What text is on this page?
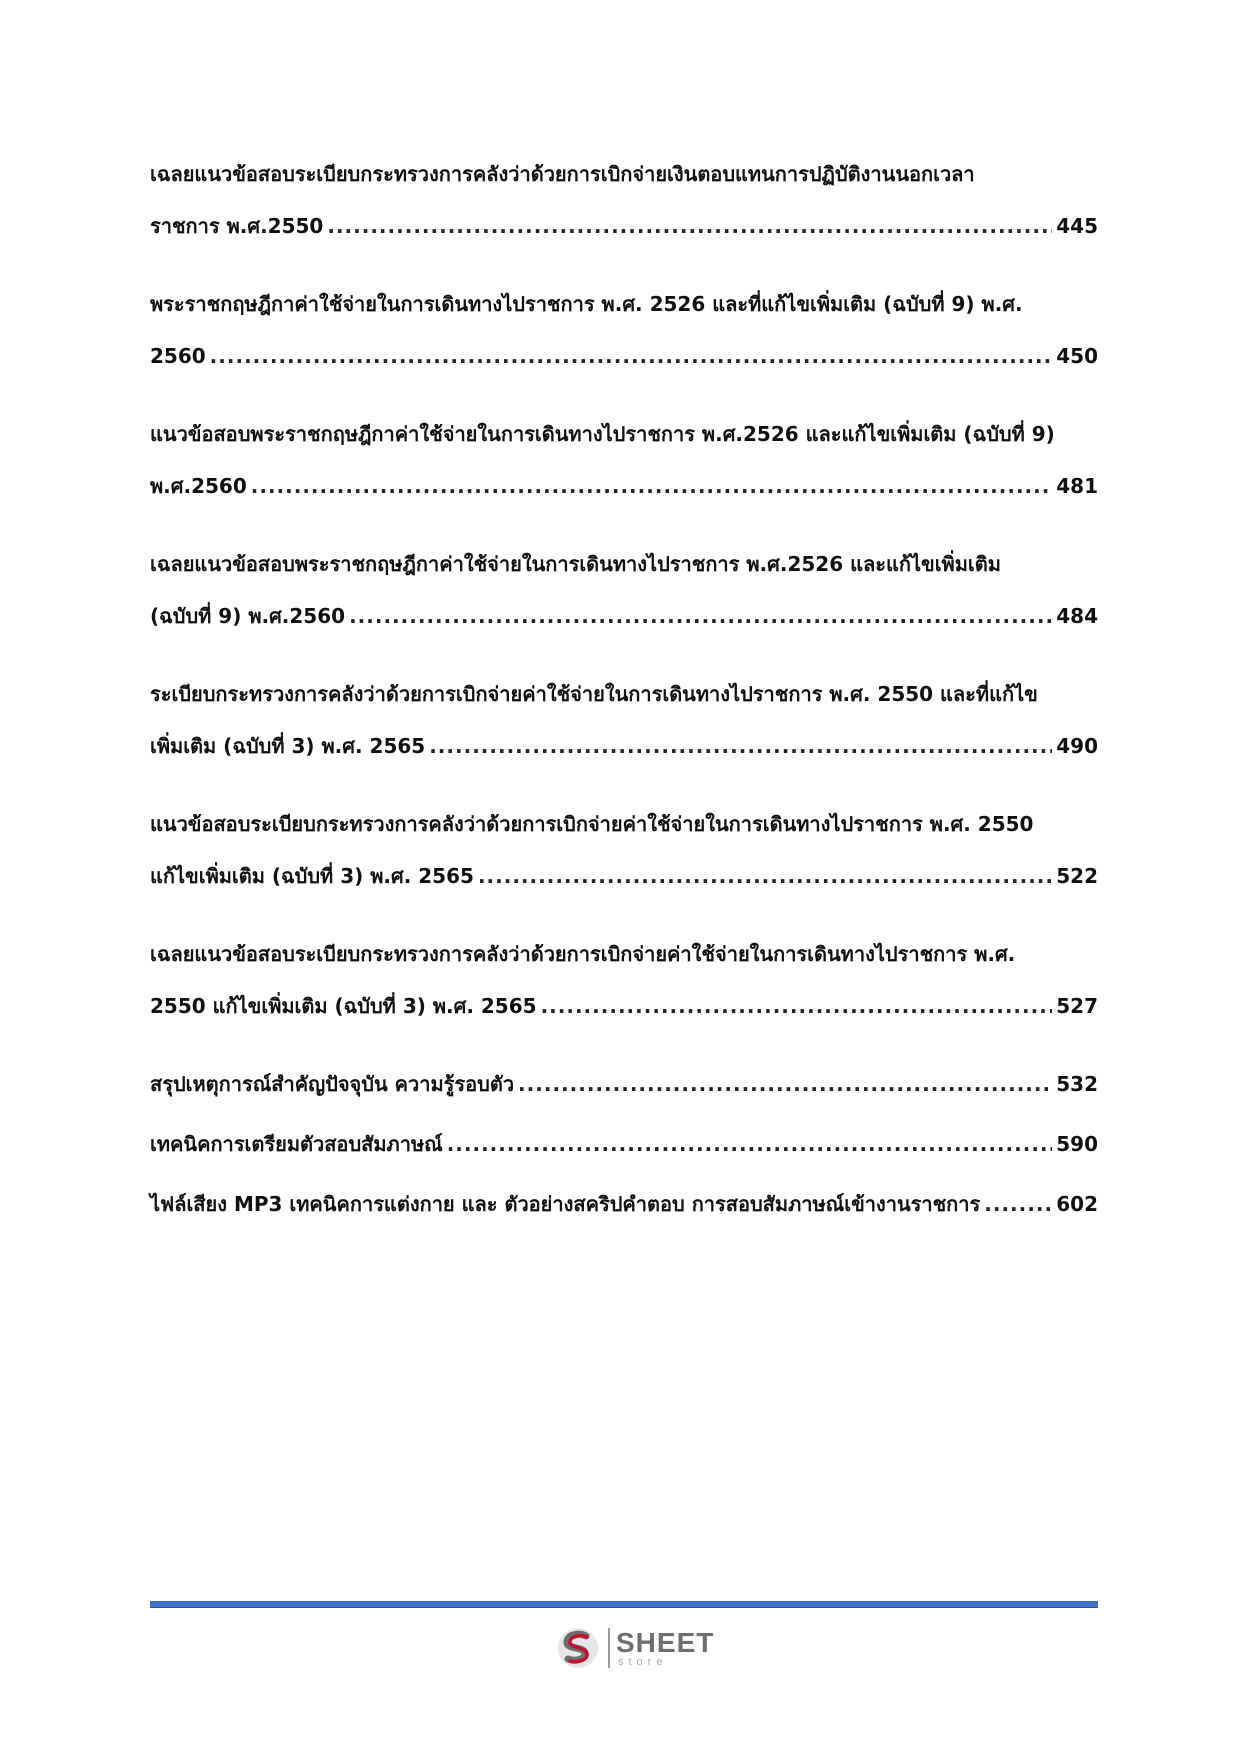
เฉลยแนวข้อสอบระเบียบกระทรวงการคลังว่าด้วยการเบิกจ่ายเงินตอบแทนการปฏิบัติงานนอกเวลา
ราชการ พ.ศ.2550 .....	445
พระราชกฤษฎีกาค่าใช้จ่ายในการเดินทางไปราชการ พ.ศ. 2526 และที่แก้ไขเพิ่มเติม (ฉบับที่ 9) พ.ศ.
2560 .....	450
แนวข้อสอบพระราชกฤษฎีกาค่าใช้จ่ายในการเดินทางไปราชการ พ.ศ.2526 และแก้ไขเพิ่มเติม (ฉบับที่ 9)
พ.ศ.2560 .....	481
เฉลยแนวข้อสอบพระราชกฤษฎีกาค่าใช้จ่ายในการเดินทางไปราชการ พ.ศ.2526 และแก้ไขเพิ่มเติม
(ฉบับที่ 9) พ.ศ.2560 .....	484
ระเบียบกระทรวงการคลังว่าด้วยการเบิกจ่ายค่าใช้จ่ายในการเดินทางไปราชการ พ.ศ. 2550 และที่แก้ไข
เพิ่มเติม (ฉบับที่ 3) พ.ศ. 2565 .....	490
แนวข้อสอบระเบียบกระทรวงการคลังว่าด้วยการเบิกจ่ายค่าใช้จ่ายในการเดินทางไปราชการ พ.ศ. 2550
แก้ไขเพิ่มเติม (ฉบับที่ 3) พ.ศ. 2565 .....	522
เฉลยแนวข้อสอบระเบียบกระทรวงการคลังว่าด้วยการเบิกจ่ายค่าใช้จ่ายในการเดินทางไปราชการ พ.ศ.
2550 แก้ไขเพิ่มเติม (ฉบับที่ 3) พ.ศ. 2565 .....	527
สรุปเหตุการณ์สำคัญปัจจุบัน ความรู้รอบตัว .....	532
เทคนิคการเตรียมตัวสอบสัมภาษณ์ .....	590
ไฟล์เสียง MP3 เทคนิคการแต่งกาย และ ตัวอย่างสคริปคำตอบ การสอบสัมภาษณ์เข้างานราชการ .....	602
SHEET
store
